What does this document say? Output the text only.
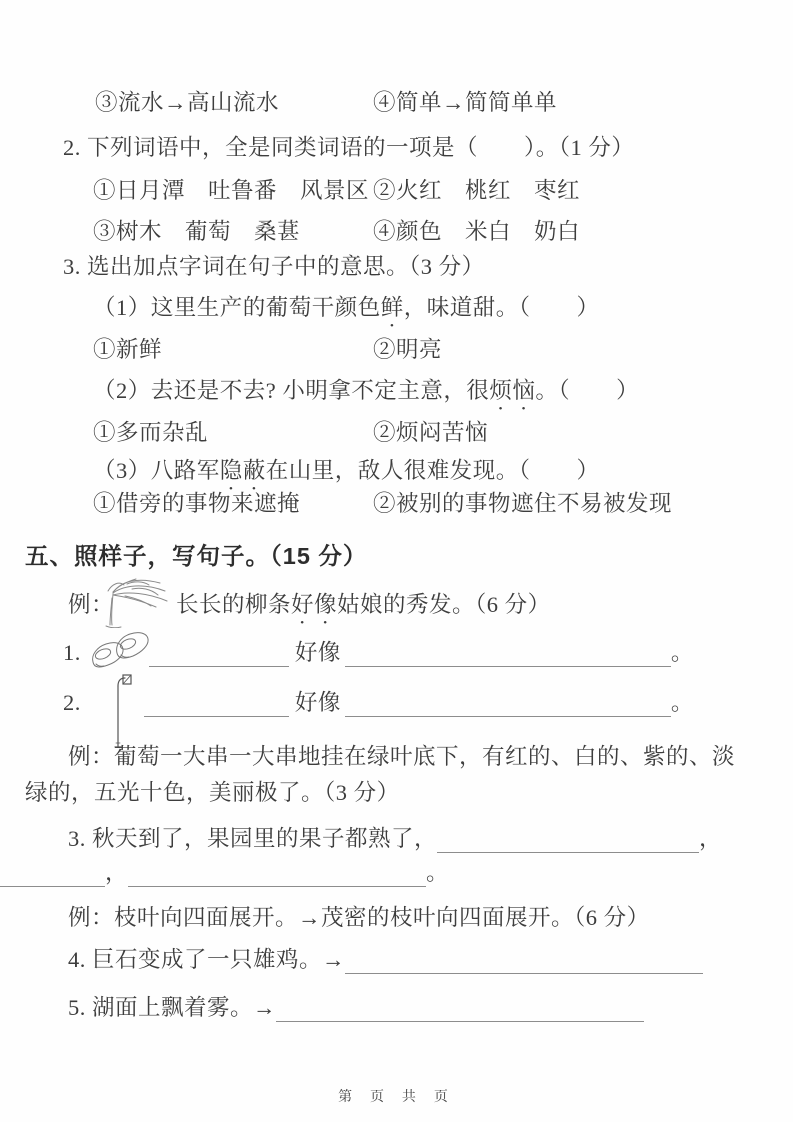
③流水→高山流水	④简单→简简单单
2. 下列词语中，全是同类词语的一项是（　　）。（1 分）
①日月潭　吐鲁番　风景区 ②火红　桃红　枣红
③树木　葡萄　桑葚	④颜色　米白　奶白
3. 选出加点字词在句子中的意思。（3 分）
（1）这里生产的葡萄干颜色鲜，味道甜。（　　）
①新鲜	②明亮
（2）去还是不去? 小明拿不定主意，很烦恼。（　　）
①多而杂乱	②烦闷苦恼
（3）八路军隐蔽在山里，敌人很难发现。（　　）
①借旁的事物来遮掩	②被别的事物遮住不易被发现
五、照样子，写句子。（15 分）
例：	长长的柳条好像姑娘的秀发。（6 分）
1.	好像	。
2.	好像	。
例：葡萄一大串一大串地挂在绿叶底下，有红的、白的、紫的、淡
绿的，五光十色，美丽极了。（3 分）
3. 秋天到了，果园里的果子都熟了，	，
，	。
例：枝叶向四面展开。→茂密的枝叶向四面展开。（6 分）
4. 巨石变成了一只雄鸡。→
5. 湖面上飘着雾。→
第 页 共 页
